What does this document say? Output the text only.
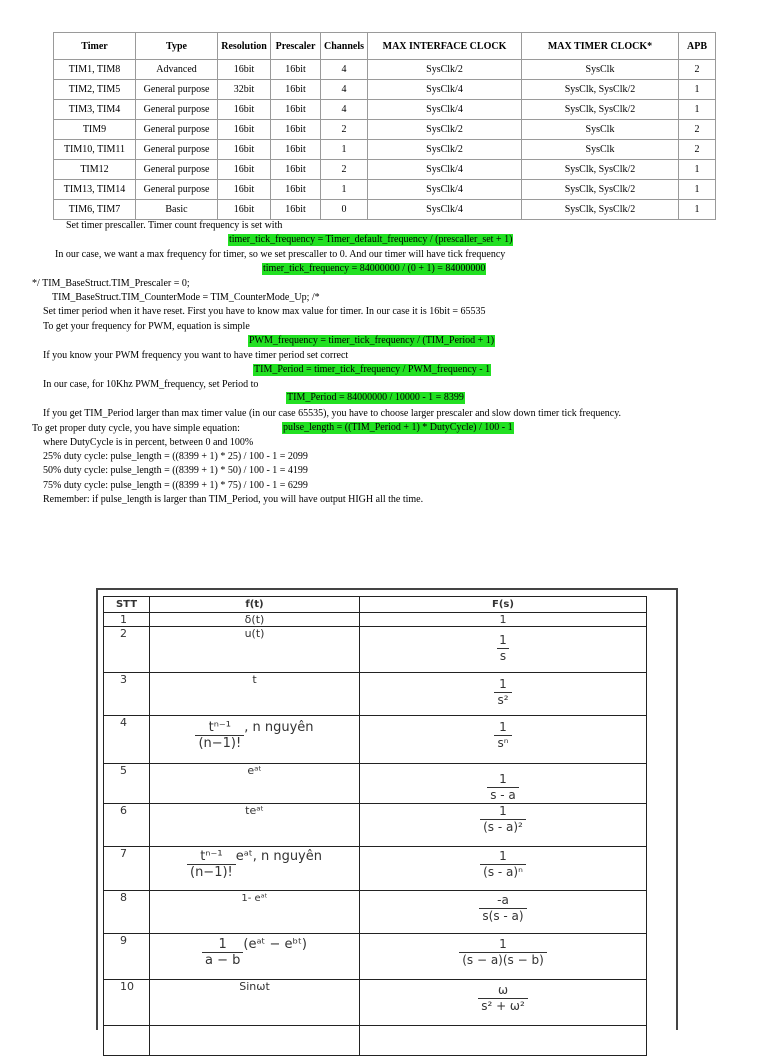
Timer	Type	Resolution	Prescaler	Channels	MAX INTERFACE CLOCK	MAX TIMER CLOCK*	APB
TIM1, TIM8	Advanced	16bit	16bit	4	SysClk/2	SysClk	2
TIM2, TIM5	General purpose	32bit	16bit	4	SysClk/4	SysClk, SysClk/2	1
TIM3, TIM4	General purpose	16bit	16bit	4	SysClk/4	SysClk, SysClk/2	1
TIM9	General purpose	16bit	16bit	2	SysClk/2	SysClk	2
TIM10, TIM11	General purpose	16bit	16bit	1	SysClk/2	SysClk	2
TIM12	General purpose	16bit	16bit	2	SysClk/4	SysClk, SysClk/2	1
TIM13, TIM14	General purpose	16bit	16bit	1	SysClk/4	SysClk, SysClk/2	1
TIM6, TIM7	Basic	16bit	16bit	0	SysClk/4	SysClk, SysClk/2	1
Set timer prescaller. Timer count frequency is set with
timer_tick_frequency = Timer_default_frequency / (prescaller_set + 1)
In our case, we want a max frequency for timer, so we set prescaller to 0. And our timer will have tick frequency
timer_tick_frequency = 84000000 / (0 + 1) = 84000000
*/ TIM_BaseStruct.TIM_Prescaler = 0;
TIM_BaseStruct.TIM_CounterMode = TIM_CounterMode_Up; /*
Set timer period when it have reset. First you have to know max value for timer. In our case it is 16bit = 65535
To get your frequency for PWM, equation is simple
PWM_frequency = timer_tick_frequency / (TIM_Period + 1)
If you know your PWM frequency you want to have timer period set correct
TIM_Period = timer_tick_frequency / PWM_frequency - 1
In our case, for 10Khz PWM_frequency, set Period to
TIM_Period = 84000000 / 10000 - 1 = 8399
If you get TIM_Period larger than max timer value (in our case 65535), you have to choose larger prescaler and slow down timer tick frequency.
To get proper duty cycle, you have simple equation:	pulse_length = ((TIM_Period + 1) * DutyCycle) / 100 - 1
where DutyCycle is in percent, between 0 and 100%
25% duty cycle: pulse_length = ((8399 + 1) * 25) / 100 - 1 = 2099
50% duty cycle: pulse_length = ((8399 + 1) * 50) / 100 - 1 = 4199
75% duty cycle: pulse_length = ((8399 + 1) * 75) / 100 - 1 = 6299
Remember: if pulse_length is larger than TIM_Period, you will have output HIGH all the time.
STT	f(t)	F(s)
1	δ(t)	1
2	u(t)	$\frac{1}{s}$

3	t	$\frac{1}{\text{s²}}$

4	$\frac{\text{tⁿ⁻¹}}{(n-1)!}$ , n nguyên	$\frac{1}{\text{sⁿ}}$

5	eᵃᵗ	$\frac{1}{s - a}$

6	teᵃᵗ	$\frac{1}{\text{(s - a)²}}$

7	$\frac{\text{tⁿ⁻¹}}{(n-1)!}$ eᵃᵗ, n nguyên	$\frac{1}{\text{(s - a)ⁿ}}$

8	1- eᵃᵗ	$\frac{-a}{s(s - a)}$

9	$\frac{1}{a - b}$ (eᵃᵗ − eᵇᵗ)	$\frac{1}{(s - a)(s - b)}$

10	Sinωt	$\frac{\omega}{\text{s² + ω²}}$
